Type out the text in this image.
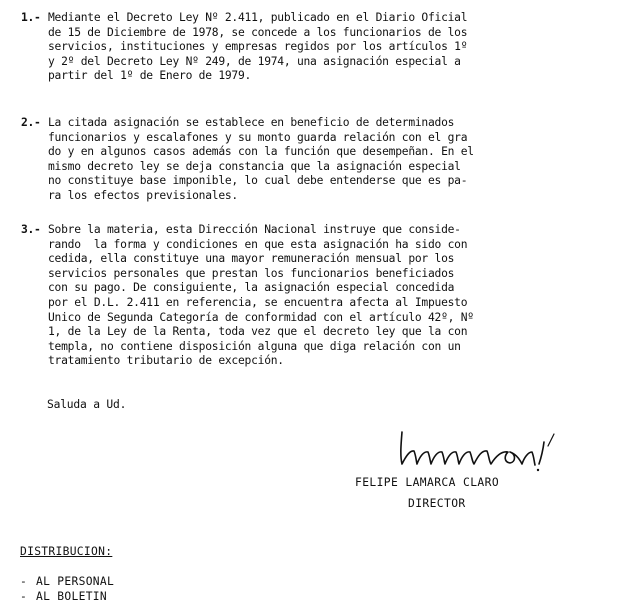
1.- Mediante el Decreto Ley Nº 2.411, publicado en el Diario Oficial
de 15 de Diciembre de 1978, se concede a los funcionarios de los
servicios, instituciones y empresas regidos por los artículos 1º
y 2º del Decreto Ley Nº 249, de 1974, una asignación especial a
partir del 1º de Enero de 1979.

2.- La citada asignación se establece en beneficio de determinados
funcionarios y escalafones y su monto guarda relación con el gra
do y en algunos casos además con la función que desempeñan. En el
mismo decreto ley se deja constancia que la asignación especial
no constituye base imponible, lo cual debe entenderse que es pa-
ra los efectos previsionales.

3.- Sobre la materia, esta Dirección Nacional instruye que conside-
rando  la forma y condiciones en que esta asignación ha sido con
cedida, ella constituye una mayor remuneración mensual por los
servicios personales que prestan los funcionarios beneficiados
con su pago. De consiguiente, la asignación especial concedida
por el D.L. 2.411 en referencia, se encuentra afecta al Impuesto
Unico de Segunda Categoría de conformidad con el artículo 42º, Nº
1, de la Ley de la Renta, toda vez que el decreto ley que la con
templa, no contiene disposición alguna que diga relación con un
tratamiento tributario de excepción.

Saluda a Ud.
FELIPE LAMARCA CLARO
DIRECTOR
DISTRIBUCION:
- AL PERSONAL
- AL BOLETIN
